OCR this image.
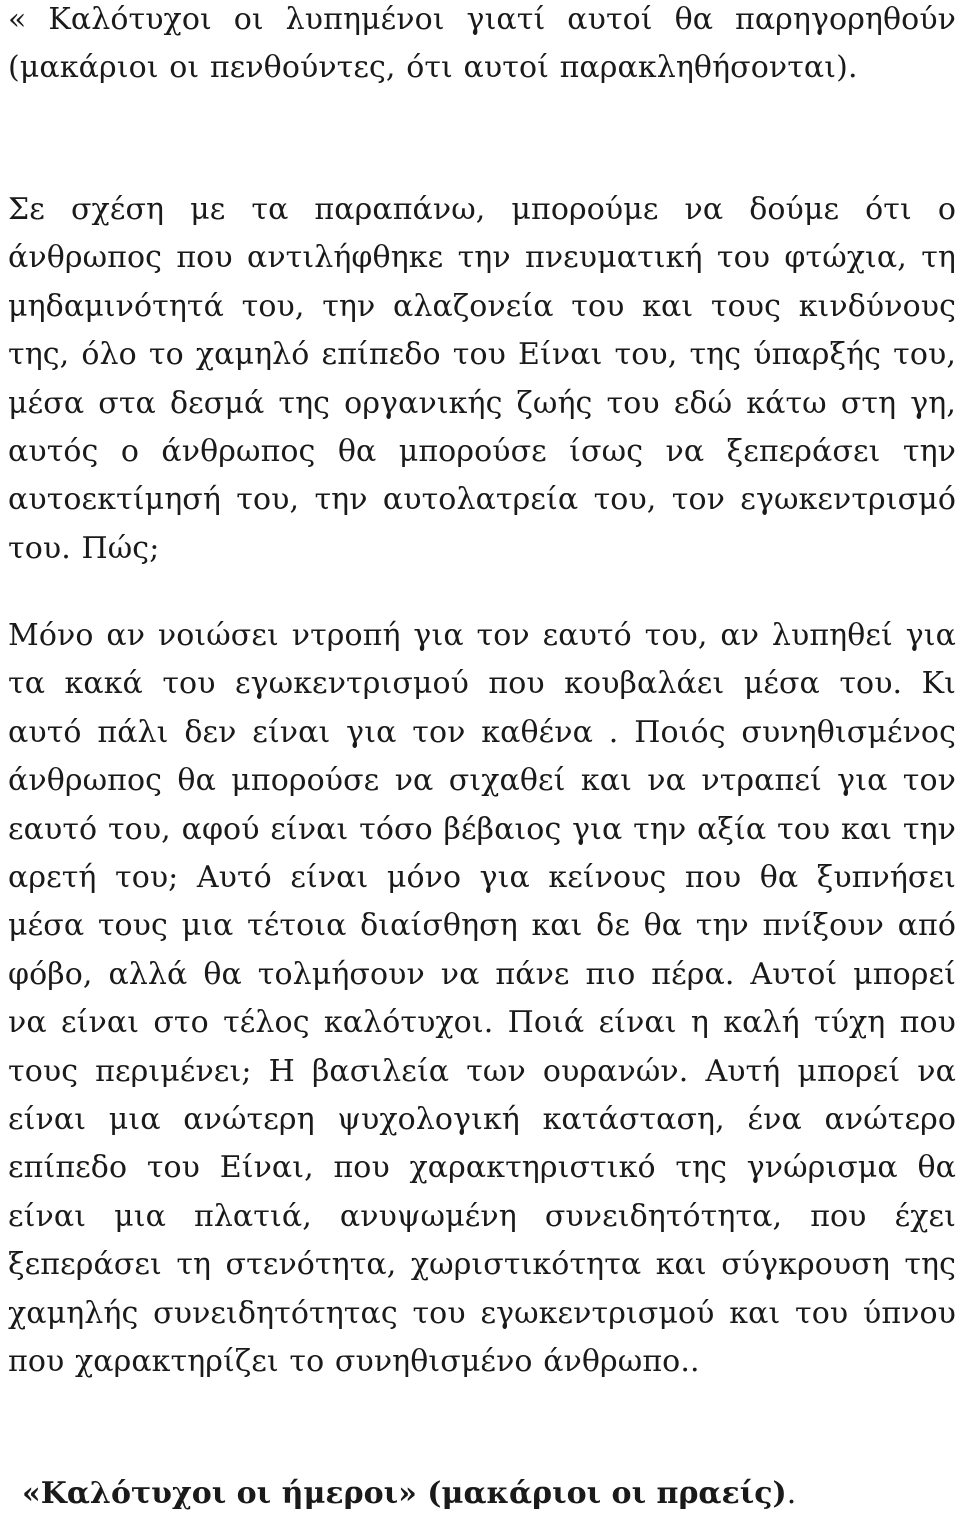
« Καλότυχοι οι λυπημένοι γιατί αυτοί θα παρηγορηθούν (μακάριοι οι πενθούντες, ότι αυτοί παρακληθήσονται).

Σε σχέση με τα παραπάνω, μπορούμε να δούμε ότι ο άνθρωπος που αντιλήφθηκε την πνευματική του φτώχια, τη μηδαμινότητά του, την αλαζονεία του και τους κινδύνους της, όλο το χαμηλό επίπεδο του Είναι του, της ύπαρξής του, μέσα στα δεσμά της οργανικής ζωής του εδώ κάτω στη γη, αυτός ο άνθρωπος θα μπορούσε ίσως να ξεπεράσει την αυτοεκτίμησή του, την αυτολατρεία του, τον εγωκεντρισμό του. Πώς;

Μόνο αν νοιώσει ντροπή για τον εαυτό του, αν λυπηθεί για τα κακά του εγωκεντρισμού που κουβαλάει μέσα του. Κι αυτό πάλι δεν είναι για τον καθένα . Ποιός συνηθισμένος άνθρωπος θα μπορούσε να σιχαθεί και να ντραπεί για τον εαυτό του, αφού είναι τόσο βέβαιος για την αξία του και την αρετή του; Αυτό είναι μόνο για κείνους που θα ξυπνήσει μέσα τους μια τέτοια διαίσθηση και δε θα την πνίξουν από φόβο, αλλά θα τολμήσουν να πάνε πιο πέρα. Αυτοί μπορεί να είναι στο τέλος καλότυχοι. Ποιά είναι η καλή τύχη που τους περιμένει; Η βασιλεία των ουρανών. Αυτή μπορεί να είναι μια ανώτερη ψυχολογική κατάσταση, ένα ανώτερο επίπεδο του Είναι, που χαρακτηριστικό της γνώρισμα θα είναι μια πλατιά, ανυψωμένη συνειδητότητα, που έχει ξεπεράσει τη στενότητα, χωριστικότητα και σύγκρουση της χαμηλής συνειδητότητας του εγωκεντρισμού και του ύπνου που χαρακτηρίζει το συνηθισμένο άνθρωπο..

«Καλότυχοι οι ήμεροι» (μακάριοι οι πραείς).
